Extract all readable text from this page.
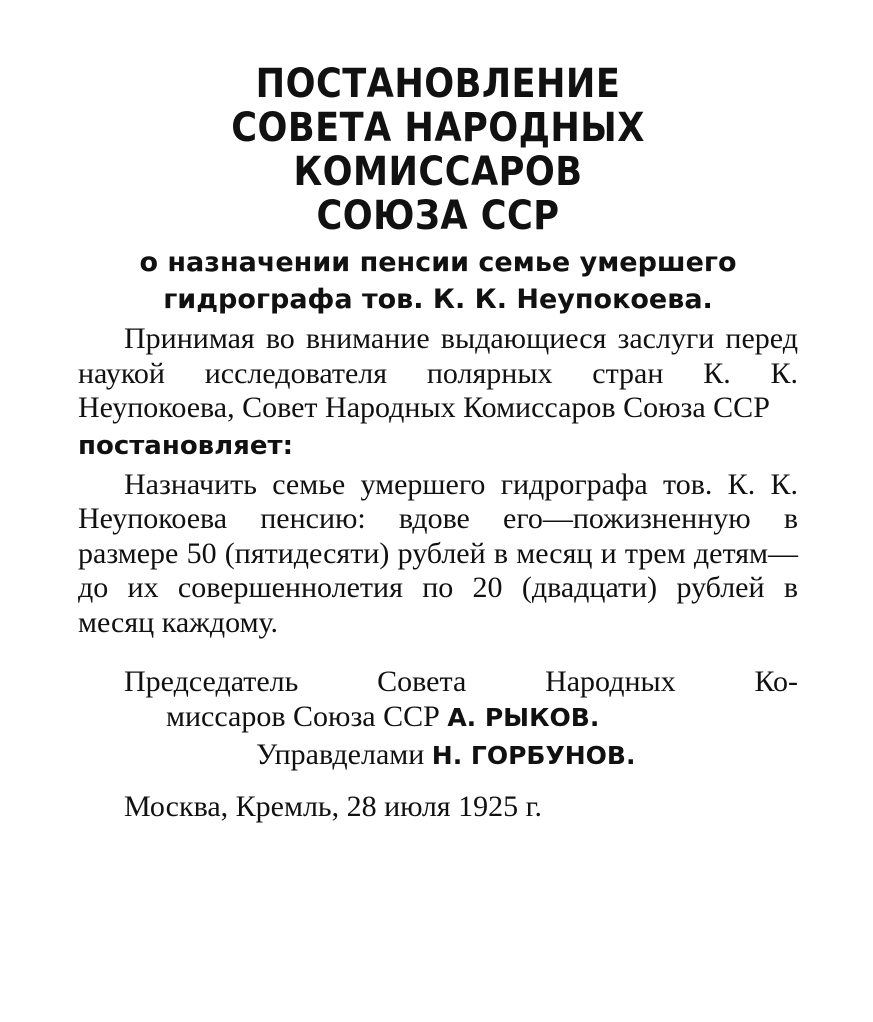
ПОСТАНОВЛЕНИЕ
СОВЕТА НАРОДНЫХ КОМИССАРОВ
СОЮЗА ССР
о назначении пенсии семье умершего
гидрографа тов. К. К. Неупокоева.

Принимая во внимание выдающиеся заслуги перед наукой исследователя полярных стран К. К. Неупокоева, Совет Народных Комиссаров Союза ССР

постановляет:

Назначить семье умершего гидрографа тов. К. К. Неупокоева пенсию: вдове его—пожизненную в размере 50 (пятидесяти) рублей в месяц и трем детям—до их совершеннолетия по 20 (двадцати) рублей в месяц каждому.

Председатель Совета Народных Ко-

миссаров Союза ССР А. РЫКОВ.

Управделами Н. ГОРБУНОВ.

Москва, Кремль, 28 июля 1925 г.
